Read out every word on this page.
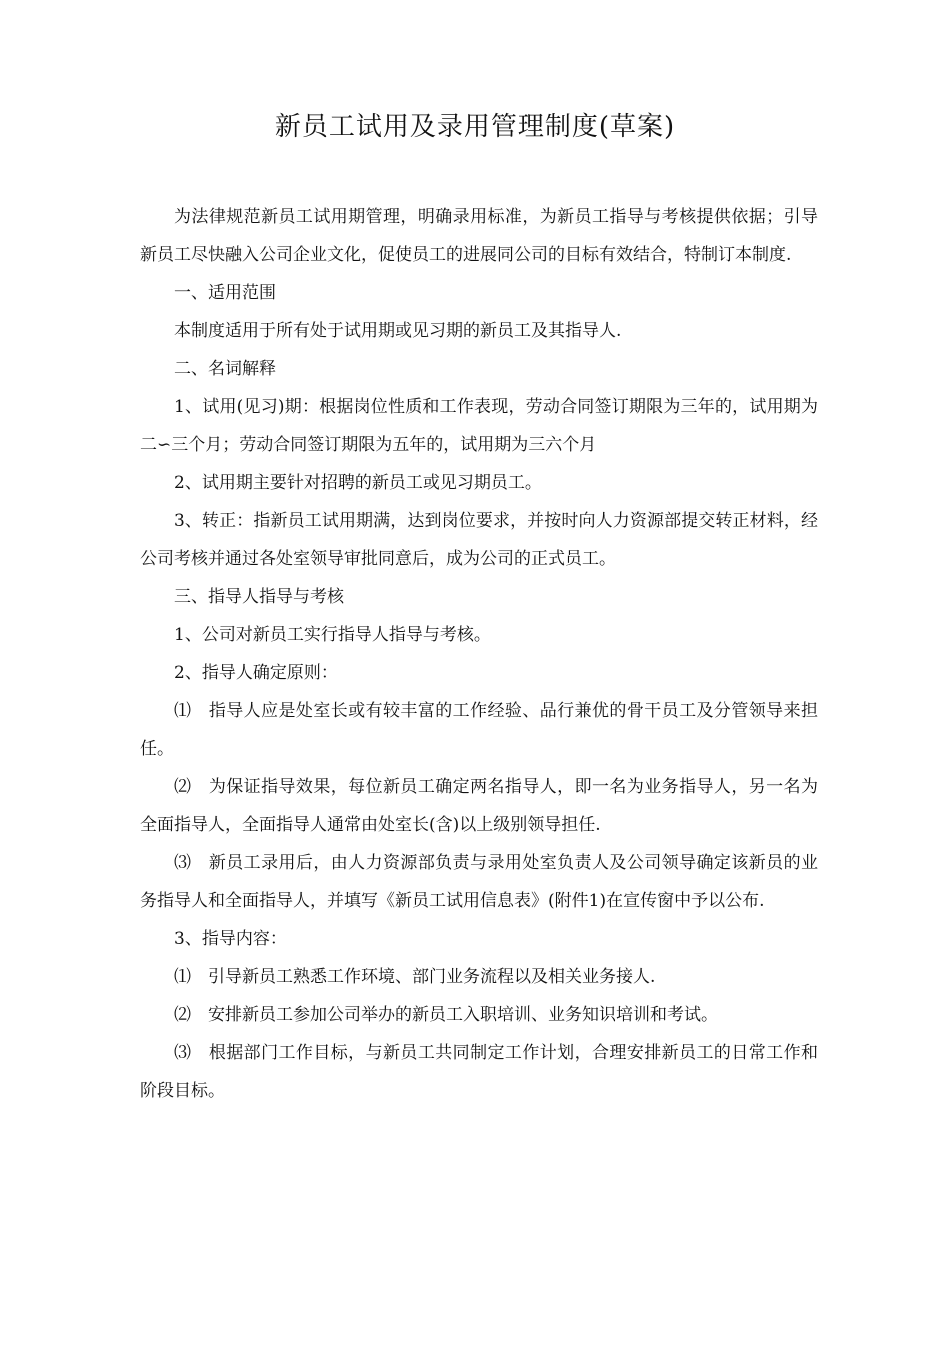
新员工试用及录用管理制度(草案)

为法律规范新员工试用期管理，明确录用标准，为新员工指导与考核提供依据；引导新员工尽快融入公司企业文化，促使员工的进展同公司的目标有效结合，特制订本制度.

一、适用范围

本制度适用于所有处于试用期或见习期的新员工及其指导人.

二、名词解释

1、试用(见习)期：根据岗位性质和工作表现，劳动合同签订期限为三年的，试用期为二∽三个月；劳动合同签订期限为五年的，试用期为三六个月

2、试用期主要针对招聘的新员工或见习期员工。

3、转正：指新员工试用期满，达到岗位要求，并按时向人力资源部提交转正材料，经公司考核并通过各处室领导审批同意后，成为公司的正式员工。

三、指导人指导与考核

1、公司对新员工实行指导人指导与考核。

2、指导人确定原则：

⑴　指导人应是处室长或有较丰富的工作经验、品行兼优的骨干员工及分管领导来担任。

⑵　为保证指导效果，每位新员工确定两名指导人，即一名为业务指导人，另一名为全面指导人，全面指导人通常由处室长(含)以上级别领导担任.

⑶　新员工录用后，由人力资源部负责与录用处室负责人及公司领导确定该新员的业务指导人和全面指导人，并填写《新员工试用信息表》(附件1)在宣传窗中予以公布.

3、指导内容：

⑴　引导新员工熟悉工作环境、部门业务流程以及相关业务接人.

⑵　安排新员工参加公司举办的新员工入职培训、业务知识培训和考试。

⑶　根据部门工作目标，与新员工共同制定工作计划，合理安排新员工的日常工作和阶段目标。
